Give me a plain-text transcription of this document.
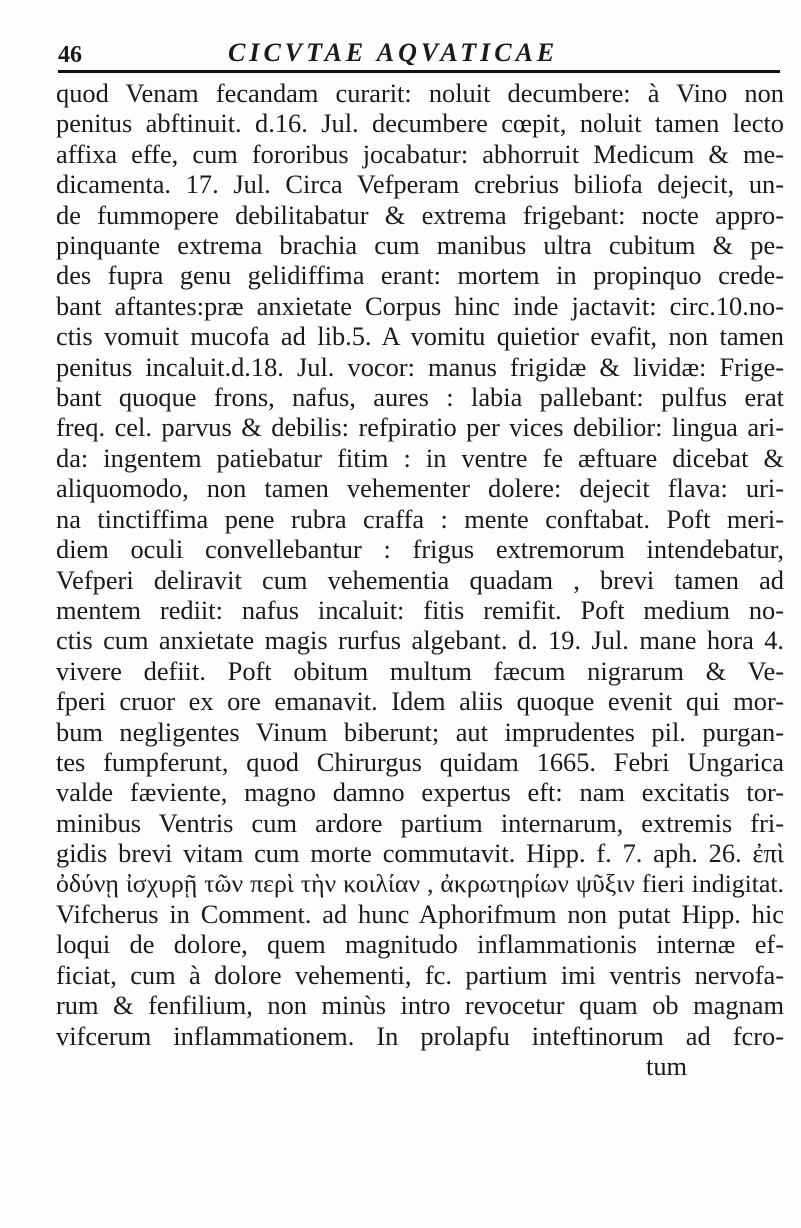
46	CICVTAE AQVATICAE
quod Venam fecandam curarit: noluit decumbere: à Vino non
penitus abftinuit. d.16. Jul. decumbere cœpit, noluit tamen lecto
affixa effe, cum fororibus jocabatur: abhorruit Medicum & me-
dicamenta. 17. Jul. Circa Vefperam crebrius biliofa dejecit, un-
de fummopere debilitabatur & extrema frigebant: nocte appro-
pinquante extrema brachia cum manibus ultra cubitum & pe-
des fupra genu gelidiffima erant: mortem in propinquo crede-
bant aftantes:præ anxietate Corpus hinc inde jactavit: circ.10.no-
ctis vomuit mucofa ad lib.5. A vomitu quietior evafit, non tamen
penitus incaluit.d.18. Jul. vocor: manus frigidæ & lividæ: Frige-
bant quoque frons, nafus, aures : labia pallebant: pulfus erat
freq. cel. parvus & debilis: refpiratio per vices debilior: lingua ari-
da: ingentem patiebatur fitim : in ventre fe æftuare dicebat &
aliquomodo, non tamen vehementer dolere: dejecit flava: uri-
na tinctiffima pene rubra craffa : mente conftabat. Poft meri-
diem oculi convellebantur : frigus extremorum intendebatur,
Vefperi deliravit cum vehementia quadam , brevi tamen ad
mentem rediit: nafus incaluit: fitis remifit. Poft medium no-
ctis cum anxietate magis rurfus algebant. d. 19. Jul. mane hora 4.
vivere defiit. Poft obitum multum fæcum nigrarum & Ve-
fperi cruor ex ore emanavit. Idem aliis quoque evenit qui mor-
bum negligentes Vinum biberunt; aut imprudentes pil. purgan-
tes fumpferunt, quod Chirurgus quidam 1665. Febri Ungarica
valde fæviente, magno damno expertus eft: nam excitatis tor-
minibus Ventris cum ardore partium internarum, extremis fri-
gidis brevi vitam cum morte commutavit. Hipp. f. 7. aph. 26. ἐπὶ
ὀδύνῃ ἰσχυρῇ τῶν περὶ τὴν κοιλίαν , ἀκρωτηρίων ψῦξιν fieri indigitat.
Vifcherus in Comment. ad hunc Aphorifmum non putat Hipp. hic
loqui de dolore, quem magnitudo inflammationis internæ ef-
ficiat, cum à dolore vehementi, fc. partium imi ventris nervofa-
rum & fenfilium, non minùs intro revocetur quam ob magnam
vifcerum inflammationem. In prolapfu inteftinorum ad fcro-
tum
